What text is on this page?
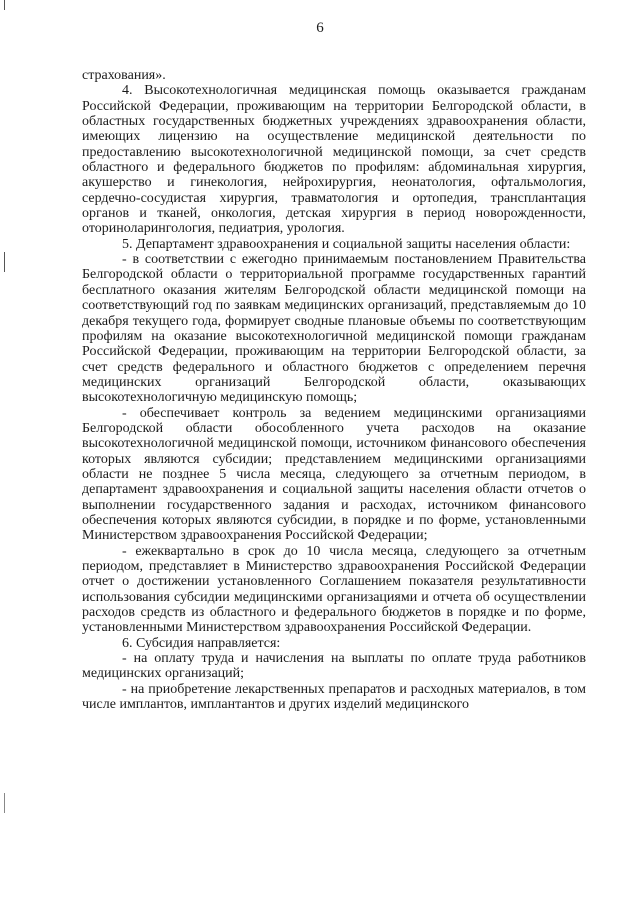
6

страхования».

4. Высокотехнологичная медицинская помощь оказывается гражданам Российской Федерации, проживающим на территории Белгородской области, в областных государственных бюджетных учреждениях здравоохранения области, имеющих лицензию на осуществление медицинской деятельности по предоставлению высокотехнологичной медицинской помощи, за счет средств областного и федерального бюджетов по профилям: абдоминальная хирургия, акушерство и гинекология, нейрохирургия, неонатология, офтальмология, сердечно-сосудистая хирургия, травматология и ортопедия, трансплантация органов и тканей, онкология, детская хирургия в период новорожденности, оториноларингология, педиатрия, урология.

5. Департамент здравоохранения и социальной защиты населения области:

- в соответствии с ежегодно принимаемым постановлением Правительства Белгородской области о территориальной программе государственных гарантий бесплатного оказания жителям Белгородской области медицинской помощи на соответствующий год по заявкам медицинских организаций, представляемым до 10 декабря текущего года, формирует сводные плановые объемы по соответствующим профилям на оказание высокотехнологичной медицинской помощи гражданам Российской Федерации, проживающим на территории Белгородской области, за счет средств федерального и областного бюджетов с определением перечня медицинских организаций Белгородской области, оказывающих высокотехнологичную медицинскую помощь;

- обеспечивает контроль за ведением медицинскими организациями Белгородской области обособленного учета расходов на оказание высокотехнологичной медицинской помощи, источником финансового обеспечения которых являются субсидии; представлением медицинскими организациями области не позднее 5 числа месяца, следующего за отчетным периодом, в департамент здравоохранения и социальной защиты населения области отчетов о выполнении государственного задания и расходах, источником финансового обеспечения которых являются субсидии, в порядке и по форме, установленными Министерством здравоохранения Российской Федерации;

- ежеквартально в срок до 10 числа месяца, следующего за отчетным периодом, представляет в Министерство здравоохранения Российской Федерации отчет о достижении установленного Соглашением показателя результативности использования субсидии медицинскими организациями и отчета об осуществлении расходов средств из областного и федерального бюджетов в порядке и по форме, установленными Министерством здравоохранения Российской Федерации.

6. Субсидия направляется:

- на оплату труда и начисления на выплаты по оплате труда работников медицинских организаций;

- на приобретение лекарственных препаратов и расходных материалов, в том числе имплантов, имплантантов и других изделий медицинского
